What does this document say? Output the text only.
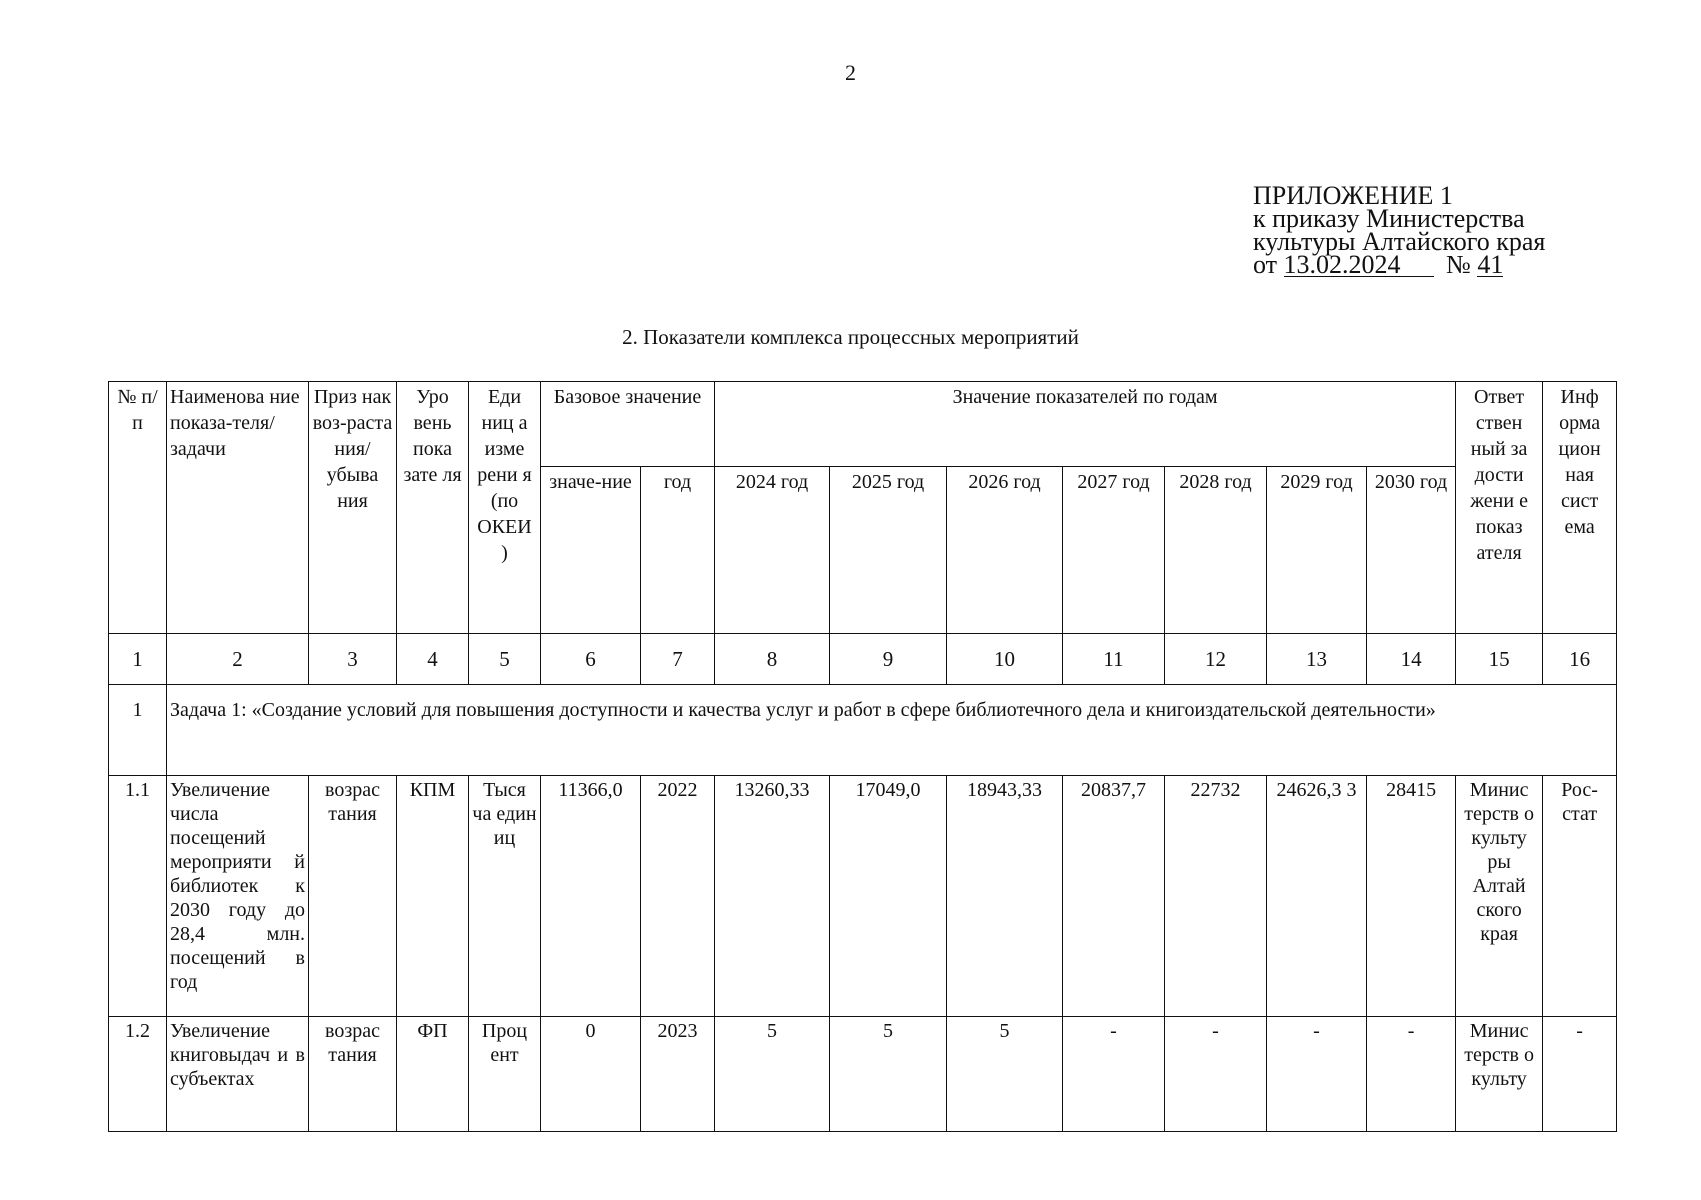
2
ПРИЛОЖЕНИЕ 1
к приказу Министерства
культуры Алтайского края
от 13.02.2024 № 41
2. Показатели комплекса процессных мероприятий
№ п/п	Наименова ние показа-теля/задачи	Приз нак воз-раста ния/ убыва ния	Уро вень пока зате ля	Еди ниц а изме рени я (по ОКЕИ )	Базовое значение		Значение показателей по годам							Ответ ствен ный за дости жени е показ ателя	Инф орма цион ная сист ема
					значе-ние	год	2024 год	2025 год	2026 год	2027 год	2028 год	2029 год	2030 год		
1	2	3	4	5	6	7	8	9	10	11	12	13	14	15	16
1	Задача 1: «Создание условий для повышения доступности и качества услуг и работ в сфере библиотечного дела и книгоиздательской деятельности»														
1.1	Увеличение числа посещений мероприяти й библиотек к 2030 году до 28,4 млн. посещений в год	возрас тания	КПМ	Тыся ча един иц	11366,0	2022	13260,33	17049,0	18943,33	20837,7	22732	24626,3 3	28415	Минис терств о культу ры Алтай ского края	Рос-стат
1.2	Увеличение книговыдач и в субъектах	возрас тания	ФП	Проц ент	0	2023	5	5	5	-	-	-	-	Минис терств о культу	-
